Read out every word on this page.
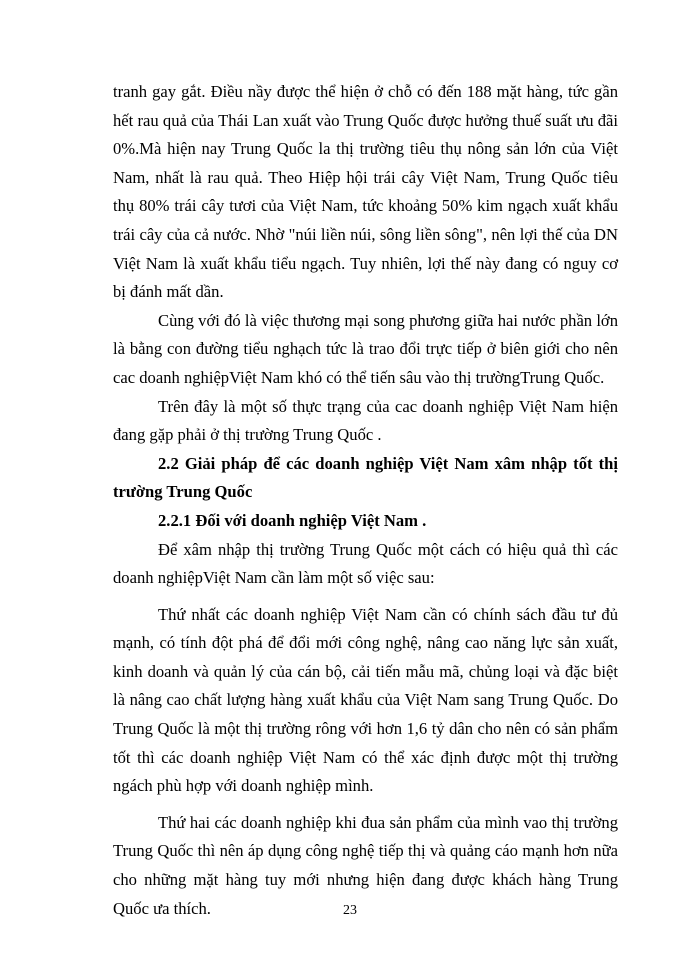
tranh gay gắt. Điều nầy được thể hiện ở chỗ có đến 188 mặt hàng, tức gần hết rau quả của Thái Lan xuất vào Trung Quốc được hưởng thuế suất ưu đãi 0%.Mà hiện nay Trung Quốc la thị trường tiêu thụ nông sản lớn của Việt Nam, nhất là rau quả. Theo Hiệp hội trái cây Việt Nam, Trung Quốc tiêu thụ 80% trái cây tươi của Việt Nam, tức khoảng 50% kim ngạch xuất khẩu trái cây của cả nước. Nhờ "núi liền núi, sông liền sông", nên lợi thế của DN Việt Nam là xuất khẩu tiểu ngạch. Tuy nhiên, lợi thế này đang có nguy cơ bị đánh mất dần.

Cùng với đó là việc thương mại song phương giữa hai nước phần lớn là bằng con đường tiểu nghạch tức là trao đổi trực tiếp ở biên giới cho nên cac doanh nghiệpViệt Nam khó có thể tiến sâu vào thị trườngTrung Quốc.

Trên đây là một số thực trạng của cac doanh nghiệp Việt Nam hiện đang gặp phải ở thị trường Trung Quốc .

2.2 Giải pháp để các doanh nghiệp Việt Nam xâm nhập tốt thị trường Trung Quốc

2.2.1 Đối với doanh nghiệp Việt Nam .

Để xâm nhập thị trường Trung Quốc một cách có hiệu quả thì các doanh nghiệpViệt Nam cần làm một số việc sau:

Thứ nhất các doanh nghiệp Việt Nam cần có chính sách đầu tư đủ mạnh, có tính đột phá để đổi mới công nghệ, nâng cao năng lực sản xuất, kinh doanh và quản lý của cán bộ, cải tiến mẫu mã, chủng loại và đặc biệt là nâng cao chất lượng hàng xuất khẩu của Việt Nam sang Trung Quốc. Do Trung Quốc là một thị trường rông với hơn 1,6 tỷ dân cho nên có sản phẩm tốt thì các doanh nghiệp Việt Nam có thể xác định được một thị trường ngách phù hợp với doanh nghiệp mình.

Thứ hai các doanh nghiệp khi đua sản phẩm của mình vao thị trường Trung Quốc thì nên áp dụng công nghệ tiếp thị và quảng cáo mạnh hơn nữa cho những mặt hàng tuy mới nhưng hiện đang được khách hàng Trung Quốc ưa thích.	23
